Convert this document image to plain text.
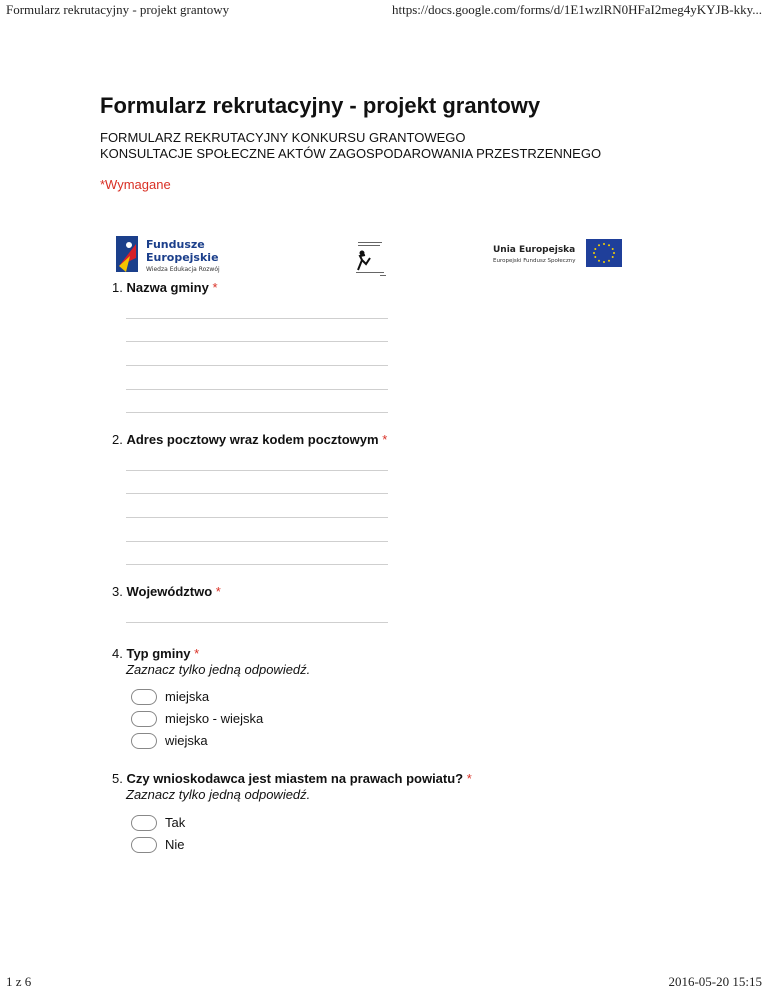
Formularz rekrutacyjny - projekt grantowy	https://docs.google.com/forms/d/1E1wzlRN0HFaI2meg4yKYJB-kky...
Formularz rekrutacyjny - projekt grantowy
FORMULARZ REKRUTACYJNY KONKURSU GRANTOWEGO
KONSULTACJE SPOŁECZNE AKTÓW ZAGOSPODAROWANIA PRZESTRZENNEGO
*Wymagane
Fundusze
Europejskie
Wiedza Edukacja Rozwój
Unia Europejska
Europejski Fundusz Społeczny
1. Nazwa gminy *
2. Adres pocztowy wraz kodem pocztowym *
3. Województwo *
4. Typ gminy *
Zaznacz tylko jedną odpowiedź.
miejska
miejsko - wiejska
wiejska
5. Czy wnioskodawca jest miastem na prawach powiatu? *
Zaznacz tylko jedną odpowiedź.
Tak
Nie
1 z 6	2016-05-20 15:15
